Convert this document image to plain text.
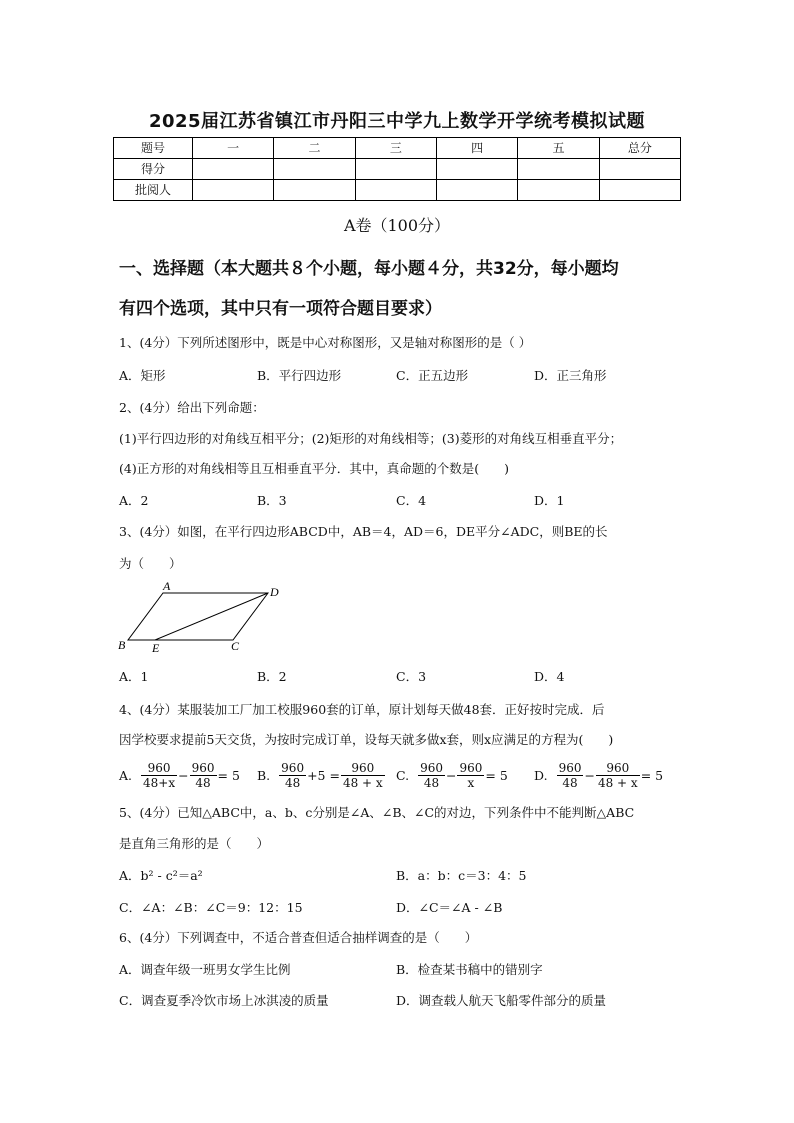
2025届江苏省镇江市丹阳三中学九上数学开学统考模拟试题
题号	一	二	三	四	五	总分
得分						
批阅人						
A卷（100分）
一、选择题（本大题共８个小题，每小题４分，共32分，每小题均
有四个选项，其中只有一项符合题目要求）
1、(4分）下列所述图形中，既是中心对称图形，又是轴对称图形的是（ ）
A．矩形	B．平行四边形	C．正五边形	D．正三角形
2、(4分）给出下列命题：
(1)平行四边形的对角线互相平分；(2)矩形的对角线相等；(3)菱形的对角线互相垂直平分；
(4)正方形的对角线相等且互相垂直平分．其中，真命题的个数是(　　)
A．2	B．3	C．4	D．1
3、(4分）如图，在平行四边形ABCD中，AB＝4，AD＝6，DE平分∠ADC，则BE的长
为（　　）
A	D
B E	C
A．1	B．2	C．3	D．4
4、(4分）某服装加工厂加工校服960套的订单，原计划每天做48套．正好按时完成．后
因学校要求提前5天交货，为按时完成订单，设每天就多做x套，则x应满足的方程为(　　)
A. $\frac{960}{48+x} - \frac{960}{48} = 5$ B. $\frac{960}{48} +5 = \frac{960}{48 + x} C$. $\frac{960}{48} - \frac{960}{x} = 5$ D. $\frac{960}{48} - \frac{960}{48 + x} = 5$
5、(4分）已知△ABC中，a、b、c分别是∠A、∠B、∠C的对边，下列条件中不能判断△ABC
是直角三角形的是（　　）
A．b² - c²＝a²	B．a：b：c＝3：4：5
C．∠A：∠B：∠C＝9：12：15	D．∠C＝∠A - ∠B
6、(4分）下列调查中，不适合普查但适合抽样调查的是（　　）
A．调查年级一班男女学生比例	B．检查某书稿中的错别字
C．调查夏季冷饮市场上冰淇凌的质量	D．调查载人航天飞船零件部分的质量
